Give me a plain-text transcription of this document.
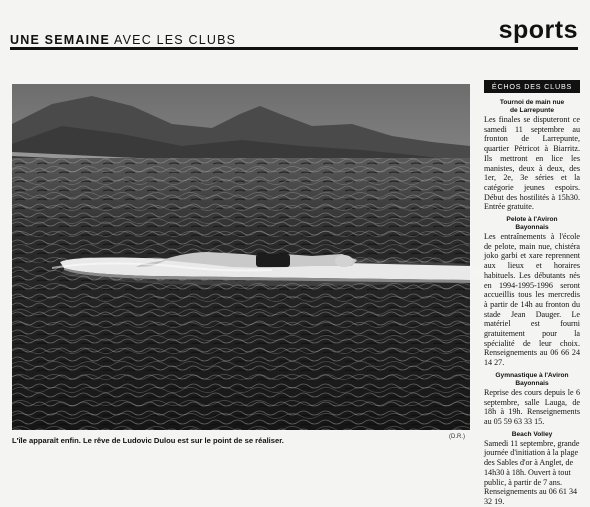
UNE SEMAINE AVEC LES CLUBS	sports
L'île apparaît enfin. Le rêve de Ludovic Dulou est sur le point de se réaliser.	(D.R.)
ÉCHOS DES CLUBS
Tournoi de main nue
de Larrepunte

Les finales se disputeront ce samedi 11 septembre au fronton de Larrepunte, quartier Pétricot à Biarritz. Ils mettront en lice les manistes, deux à deux, des 1er, 2e, 3e séries et la catégorie jeunes espoirs. Début des hostilités à 15h30. Entrée gratuite.

Pelote à l'Aviron
Bayonnais

Les entraînements à l'école de pelote, main nue, chistéra joko garbi et xare reprennent aux lieux et horaires habituels. Les débutants nés en 1994-1995-1996 seront accueillis tous les mercredis à partir de 14h au fronton du stade Jean Dauger. Le matériel est fourni gratuitement pour la spécialité de leur choix. Renseignements au 06 66 24 14 27.

Gymnastique à l'Aviron
Bayonnais

Reprise des cours depuis le 6 septembre, salle Lauga, de 18h à 19h. Renseignements au 05 59 63 33 15.

Beach Volley

Samedi 11 septembre, grande journée d'initiation à la plage des Sables d'or à Anglet, de 14h30 à 18h. Ouvert à tout public, à partir de 7 ans. Renseignements au 06 61 34 32 19.
